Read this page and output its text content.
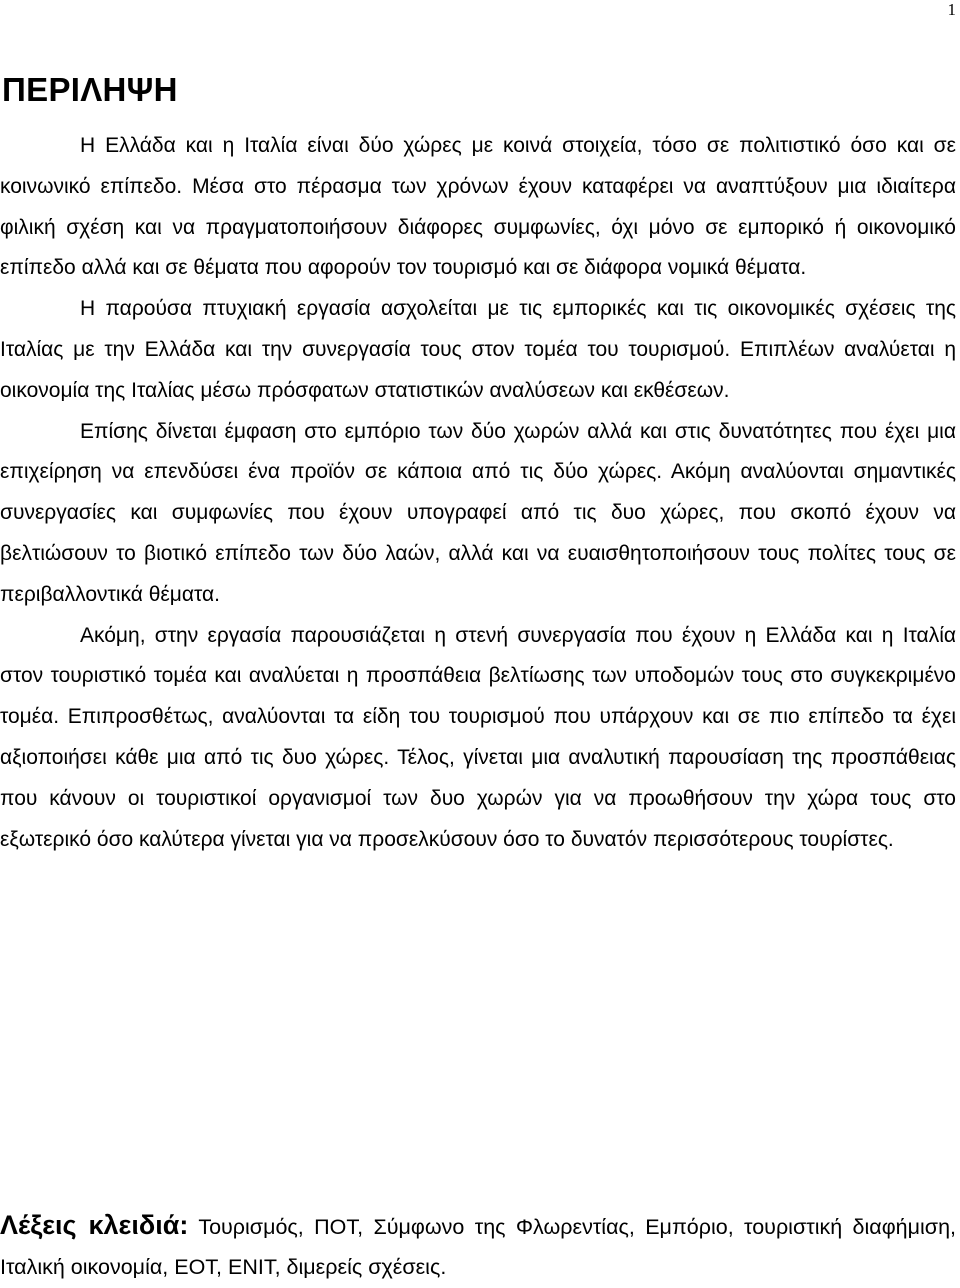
1
ΠΕΡΙΛΗΨΗ

Η Ελλάδα και η Ιταλία είναι δύο χώρες με κοινά στοιχεία, τόσο σε πολιτιστικό όσο και σε κοινωνικό επίπεδο. Μέσα στο πέρασμα των χρόνων έχουν καταφέρει να αναπτύξουν μια ιδιαίτερα φιλική σχέση και να πραγματοποιήσουν διάφορες συμφωνίες, όχι μόνο σε εμπορικό ή οικονομικό επίπεδο αλλά και σε θέματα που αφορούν τον τουρισμό και σε διάφορα νομικά θέματα.

Η παρούσα πτυχιακή εργασία ασχολείται με τις εμπορικές και τις οικονομικές σχέσεις της Ιταλίας με την Ελλάδα και την συνεργασία τους στον τομέα του τουρισμού. Επιπλέων αναλύεται η οικονομία της Ιταλίας μέσω πρόσφατων στατιστικών αναλύσεων και εκθέσεων.

Επίσης δίνεται έμφαση στο εμπόριο των δύο χωρών αλλά και στις δυνατότητες που έχει μια επιχείρηση να επενδύσει ένα προϊόν σε κάποια από τις δύο χώρες. Ακόμη αναλύονται σημαντικές συνεργασίες και συμφωνίες που έχουν υπογραφεί από τις δυο χώρες, που σκοπό έχουν να βελτιώσουν το βιοτικό επίπεδο των δύο λαών, αλλά και να ευαισθητοποιήσουν τους πολίτες τους σε περιβαλλοντικά θέματα.

Ακόμη, στην εργασία παρουσιάζεται η στενή συνεργασία που έχουν η Ελλάδα και η Ιταλία στον τουριστικό τομέα και αναλύεται η προσπάθεια βελτίωσης των υποδομών τους στο συγκεκριμένο τομέα. Επιπροσθέτως, αναλύονται τα είδη του τουρισμού που υπάρχουν και σε πιο επίπεδο τα έχει αξιοποιήσει κάθε μια από τις δυο χώρες. Τέλος, γίνεται μια αναλυτική παρουσίαση της προσπάθειας που κάνουν οι τουριστικοί οργανισμοί των δυο χωρών για να προωθήσουν την χώρα τους στο εξωτερικό όσο καλύτερα γίνεται για να προσελκύσουν όσο το δυνατόν περισσότερους τουρίστες.

Λέξεις κλειδιά: Τουρισμός, ΠΟΤ, Σύμφωνο της Φλωρεντίας, Εμπόριο, τουριστική διαφήμιση, Ιταλική οικονομία, ΕΟΤ, ENIT, διμερείς σχέσεις.
